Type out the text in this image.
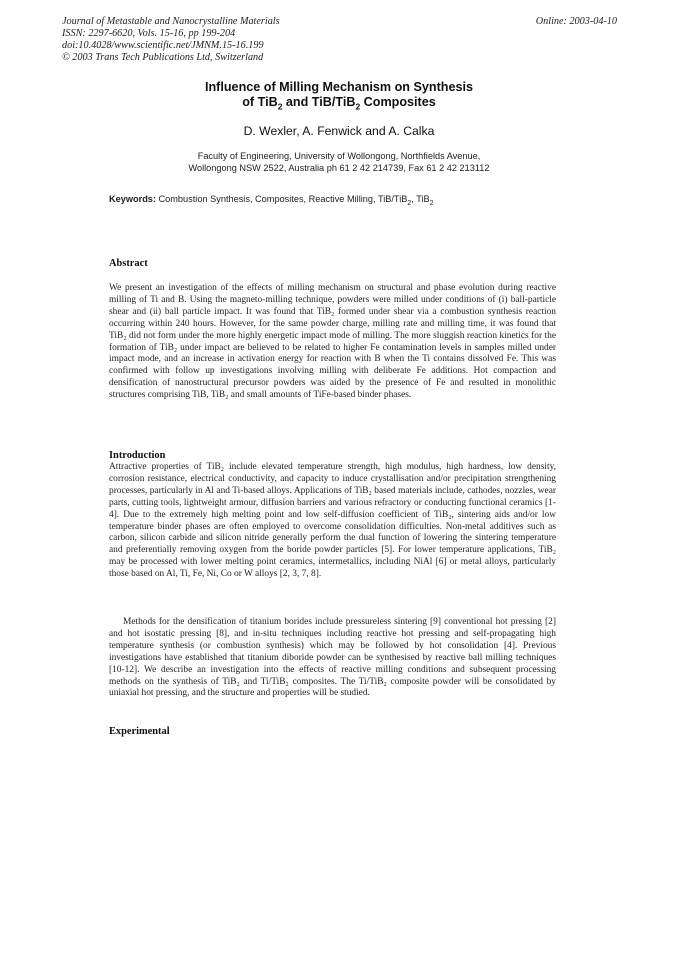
Journal of Metastable and Nanocrystalline Materials
ISSN: 2297-6620, Vols. 15-16, pp 199-204
doi:10.4028/www.scientific.net/JMNM.15-16.199
© 2003 Trans Tech Publications Ltd, Switzerland
Online: 2003-04-10
Influence of Milling Mechanism on Synthesis
of TiB$_2$ and TiB/TiB$_2$ Composites
D. Wexler, A. Fenwick and A. Calka
Faculty of Engineering, University of Wollongong, Northfields Avenue,
Wollongong NSW 2522, Australia ph 61 2 42 214739, Fax 61 2 42 213112
Keywords: Combustion Synthesis, Composites, Reactive Milling, TiB/TiB$_2$, TiB$_2$
Abstract

We present an investigation of the effects of milling mechanism on structural and phase evolution during reactive milling of Ti and B. Using the magneto-milling technique, powders were milled under conditions of (i) ball-particle shear and (ii) ball particle impact. It was found that TiB₂ formed under shear via a combustion synthesis reaction occurring within 240 hours. However, for the same powder charge, milling rate and milling time, it was found that TiB₂ did not form under the more highly energetic impact mode of milling. The more sluggish reaction kinetics for the formation of TiB₂ under impact are believed to be related to higher Fe contamination levels in samples milled under impact mode, and an increase in activation energy for reaction with B when the Ti contains dissolved Fe. This was confirmed with follow up investigations involving milling with deliberate Fe additions. Hot compaction and densification of nanostructural precursor powders was aided by the presence of Fe and resulted in monolithic structures comprising TiB, TiB₂ and small amounts of TiFe-based binder phases.

Introduction

Attractive properties of TiB₂ include elevated temperature strength, high modulus, high hardness, low density, corrosion resistance, electrical conductivity, and capacity to induce crystallisation and/or precipitation strengthening processes, particularly in Al and Ti-based alloys. Applications of TiB₂ based materials include, cathodes, nozzles, wear parts, cutting tools, lightweight armour, diffusion barriers and various refractory or conducting functional ceramics [1-4]. Due to the extremely high melting point and low self-diffusion coefficient of TiB₂, sintering aids and/or low temperature binder phases are often employed to overcome consolidation difficulties. Non-metal additives such as carbon, silicon carbide and silicon nitride generally perform the dual function of lowering the sintering temperature and preferentially removing oxygen from the boride powder particles [5]. For lower temperature applications, TiB₂ may be processed with lower melting point ceramics, intermetallics, including NiAl [6] or metal alloys, particularly those based on Al, Ti, Fe, Ni, Co or W alloys [2, 3, 7, 8].

Methods for the densification of titanium borides include pressureless sintering [9] conventional hot pressing [2] and hot isostatic pressing [8], and in-situ techniques including reactive hot pressing and self-propagating high temperature synthesis (or combustion synthesis) which may be followed by hot consolidation [4]. Previous investigations have established that titanium diboride powder can be synthesised by reactive ball milling techniques [10-12]. We describe an investigation into the effects of reactive milling conditions and subsequent processing methods on the synthesis of TiB₂ and Ti/TiB₂ composites. The Ti/TiB₂ composite powder will be consolidated by uniaxial hot pressing, and the structure and properties will be studied.

Experimental
